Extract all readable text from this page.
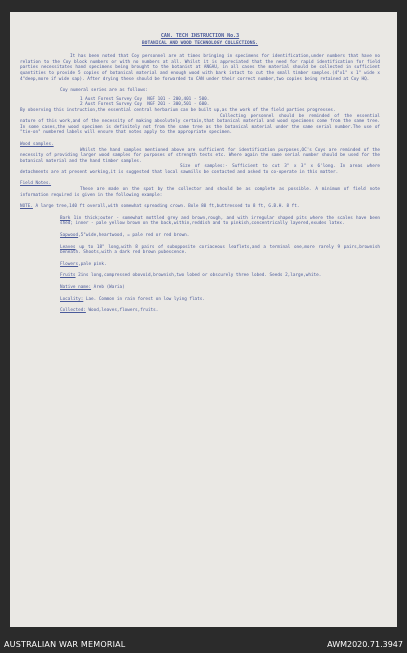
CAN. TECH INSTRUCTION No.3

BOTANICAL AND WOOD TECHNOLOGY COLLECTIONS.

It has been noted that Coy personnel are at times bringing in specimens for identification,under numbers that have no relation to the Coy block numbers or with no numbers at all. Whilst it is appreciated that the need for rapid identification for field parties necessitates hand specimens being brought to the botanist at ANGAU, in all cases the material should be collected in sufficient quantities to provide 5 copies of botanical material and enough wood with bark intact to cut the small timber samples.(4"x1" x 1" wide x 4"deep,more if wide sap). After drying these should be forwarded to CAN under their correct number,two copies being retained at Coy HQ.

Coy numeral series are as follows:

1 Aust Forest Survey Coy  NGF 101 - 200,401 - 500.

2 Aust Forest Survey Coy  NGF 201 - 300,501 - 600.

By observing this instruction,the essential central herbarium can be built up,as the work of the field parties progresses.

Collecting personnel should be reminded of the essential nature of this work,and of the necessity of making absolutely certain,that botanical material and wood specimens come from the same tree. In some cases,the wood specimen is definitely not from the same tree as the botanical material under the same serial number.The use of "tie-on" numbered labels will ensure that notes apply to the appropriate specimen.

Wood samples.

Whilst the hand samples mentioned above are sufficient for identification purposes,OC's Coys are reminded of the necessity of providing larger wood samples for purposes of strength tests etc. Where again the same serial number should be used for the botanical material and the hand timber samples.

Size of samples:- Sufficient to cut 3" x 3" x 6'long. In areas where detachments are at present working,it is suggested that local sawmills be contacted and asked to co-operate in this matter.

Field Notes.

These are made on the spot by the collector and should be as complete as possible. A minimum of field note information required is given in the following example:

NOTE. A large tree,140 ft overall,with somewhat spreading crown. Bole 80 ft,buttressed to 8 ft, G.B.H. 8 ft.

Bark 1in thick;outer - somewhat mottled grey and brown,rough, and with irregular shaped pits where the scales have been shed; inner - pale yellow brown on the back,within,reddish and to pinkish,concentrically layered,exudes latex.

Sapwood,5"wide,heartwood, = pale red or red brown.

Leaves up to 18" long,with 8 pairs of subopposite coriaceous leaflets,and a terminal one,more rarely 9 pairs,brownish beneath. Shoots,with a dark red brown pubescence.

Flowers,pale pink.

Fruits 2ins long,compressed obovoid,brownish,two lobed or obscurely three lobed. Seeds 2,large,white.

Native name: Areb (Waria)

Locality: Lae. Common in rain forest on low lying flats.

Collected: Wood,leaves,flowers,fruits.

AUSTRALIAN WAR MEMORIAL	AWM2020.71.3947
